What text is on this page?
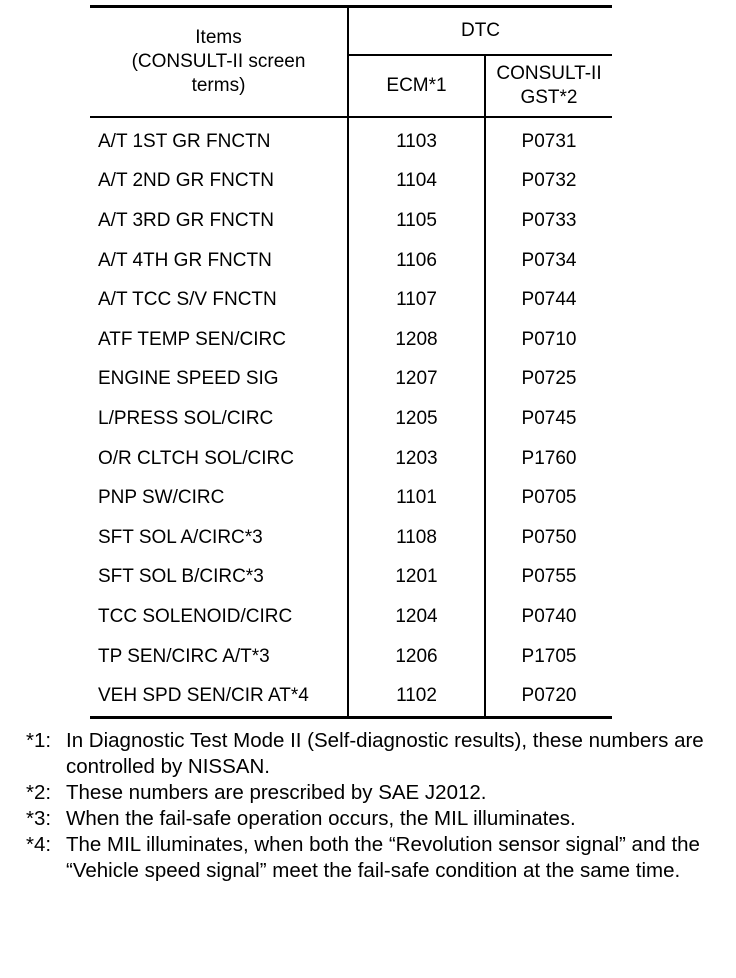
Items
(CONSULT-II screen
terms)	DTC	
	ECM*1	CONSULT-II
GST*2

A/T 1ST GR FNCTN	1103	P0731
A/T 2ND GR FNCTN	1104	P0732
A/T 3RD GR FNCTN	1105	P0733
A/T 4TH GR FNCTN	1106	P0734
A/T TCC S/V FNCTN	1107	P0744
ATF TEMP SEN/CIRC	1208	P0710
ENGINE SPEED SIG	1207	P0725
L/PRESS SOL/CIRC	1205	P0745
O/R CLTCH SOL/CIRC	1203	P1760
PNP SW/CIRC	1101	P0705
SFT SOL A/CIRC*3	1108	P0750
SFT SOL B/CIRC*3	1201	P0755
TCC SOLENOID/CIRC	1204	P0740
TP SEN/CIRC A/T*3	1206	P1705
VEH SPD SEN/CIR AT*4	1102	P0720

*1: In Diagnostic Test Mode II (Self-diagnostic results), these numbers are controlled by NISSAN.

*2: These numbers are prescribed by SAE J2012.

*3: When the fail-safe operation occurs, the MIL illuminates.

*4: The MIL illuminates, when both the “Revolution sensor signal” and the “Vehicle speed signal” meet the fail-safe condition at the same time.
